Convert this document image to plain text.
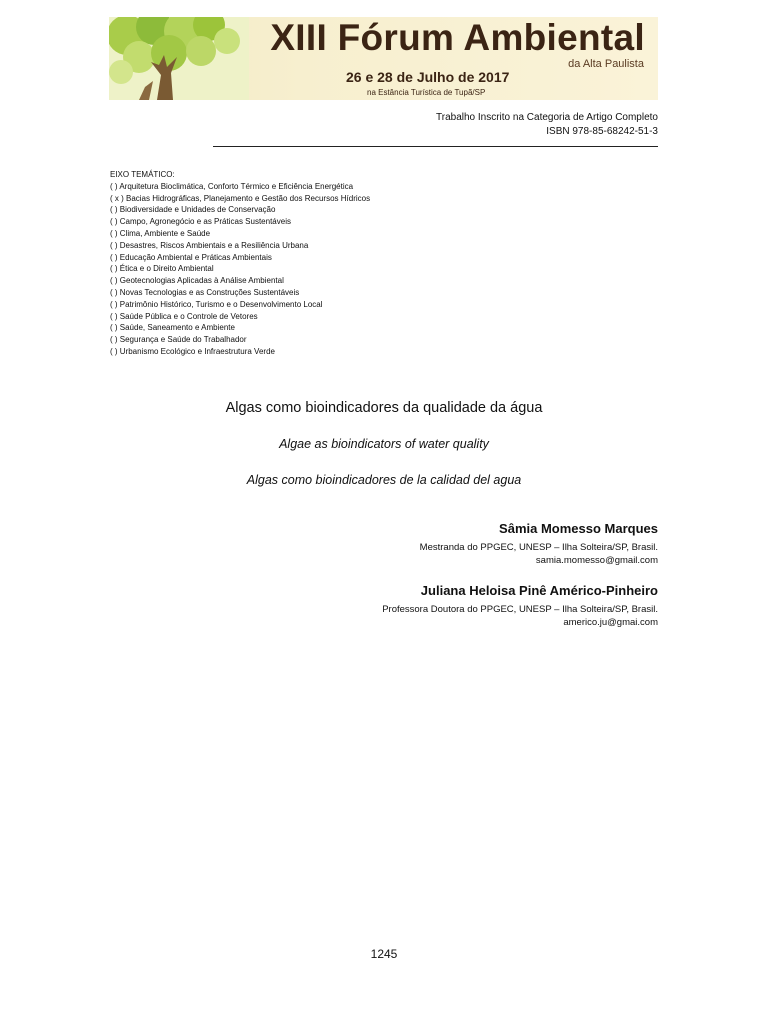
XIII Fórum Ambiental
da Alta Paulista
26 e 28 de Julho de 2017
na Estância Turística de Tupã/SP
Trabalho Inscrito na Categoria de Artigo Completo
ISBN 978-85-68242-51-3
EIXO TEMÁTICO:
( ) Arquitetura Bioclimática, Conforto Térmico e Eficiência Energética
( x ) Bacias Hidrográficas, Planejamento e Gestão dos Recursos Hídricos
( ) Biodiversidade e Unidades de Conservação
( ) Campo, Agronegócio e as Práticas Sustentáveis
( ) Clima, Ambiente e Saúde
( ) Desastres, Riscos Ambientais e a Resiliência Urbana
( ) Educação Ambiental e Práticas Ambientais
( ) Ética e o Direito Ambiental
( ) Geotecnologias Aplicadas à Análise Ambiental
( ) Novas Tecnologias e as Construções Sustentáveis
( ) Patrimônio Histórico, Turismo e o Desenvolvimento Local
( ) Saúde Pública e o Controle de Vetores
( ) Saúde, Saneamento e Ambiente
( ) Segurança e Saúde do Trabalhador
( ) Urbanismo Ecológico e Infraestrutura Verde
Algas como bioindicadores da qualidade da água
Algae as bioindicators of water quality
Algas como bioindicadores de la calidad del agua
Sâmia Momesso Marques
Mestranda do PPGEC, UNESP – Ilha Solteira/SP, Brasil.
samia.momesso@gmail.com
Juliana Heloisa Pinê Américo-Pinheiro
Professora Doutora do PPGEC, UNESP – Ilha Solteira/SP, Brasil.
americo.ju@gmai.com
1245
